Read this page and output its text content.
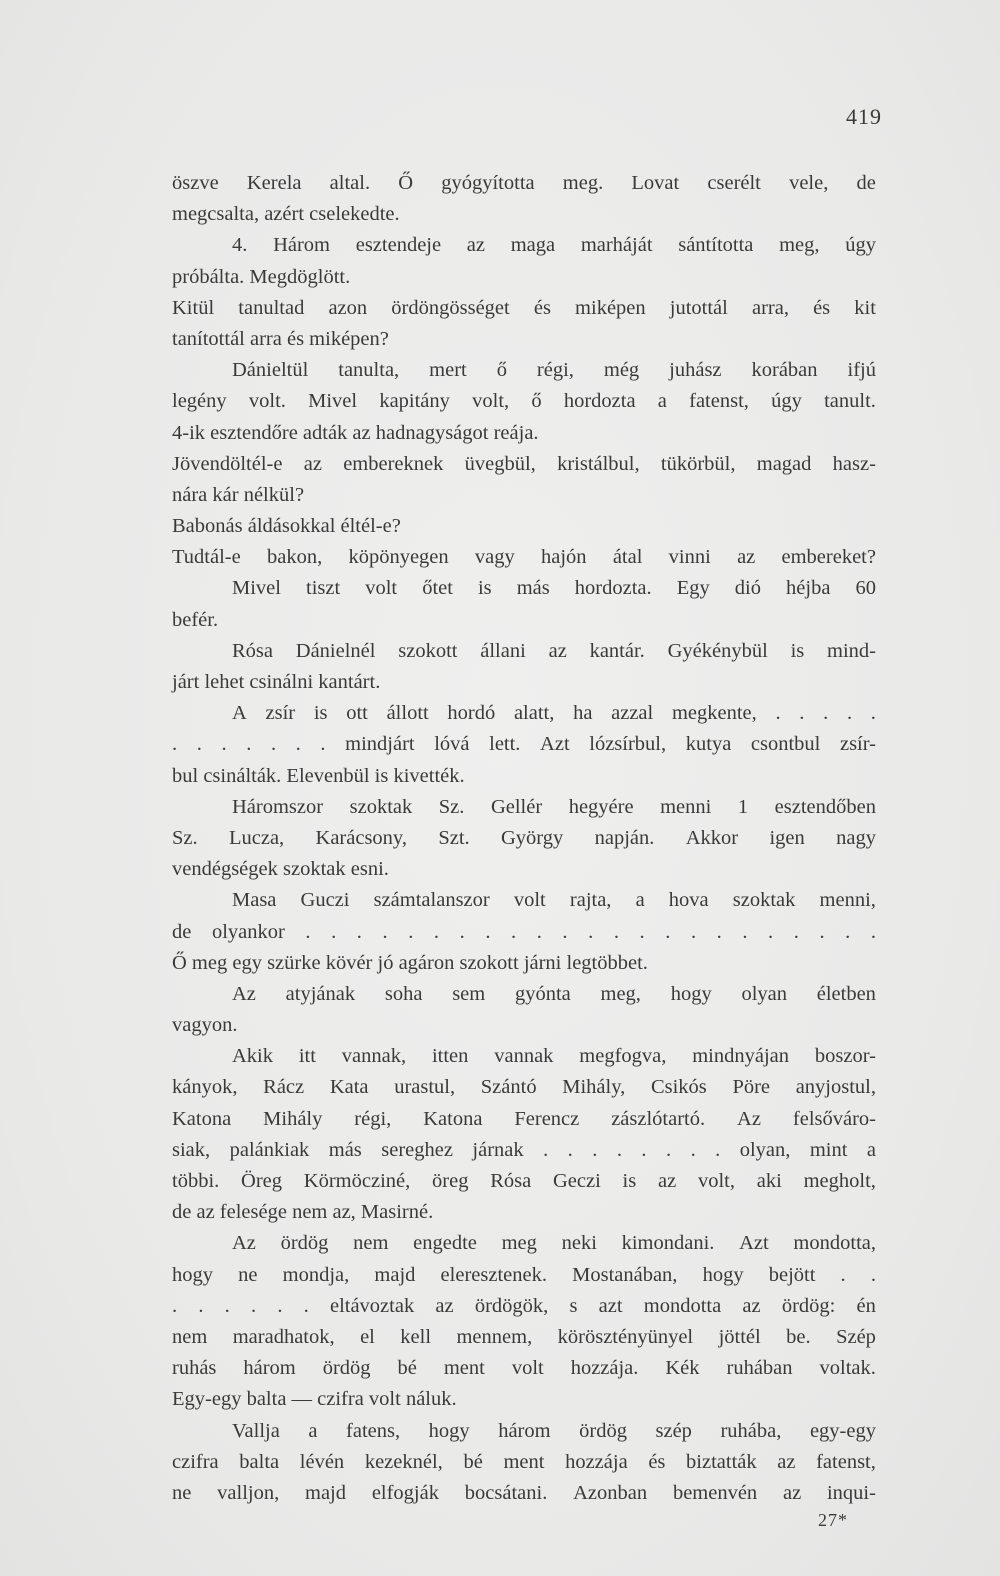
419
öszve Kerela altal. Ő gyógyította meg. Lovat cserélt vele, de
megcsalta, azért cselekedte.
4. Három esztendeje az maga marháját sántította meg, úgy
próbálta. Megdöglött.
Kitül tanultad azon ördöngösséget és miképen jutottál arra, és kit
tanítottál arra és miképen?
Dánieltül tanulta, mert ő régi, még juhász korában ifjú
legény volt. Mivel kapitány volt, ő hordozta a fatenst, úgy tanult.
4-ik esztendőre adták az hadnagyságot reája.
Jövendöltél-e az embereknek üvegbül, kristálbul, tükörbül, magad hasz-
nára kár nélkül?
Babonás áldásokkal éltél-e?
Tudtál-e bakon, köpönyegen vagy hajón átal vinni az embereket?
Mivel tiszt volt őtet is más hordozta. Egy dió héjba 60
befér.
Rósa Dánielnél szokott állani az kantár. Gyékénybül is mind-
járt lehet csinálni kantárt.
A zsír is ott állott hordó alatt, ha azzal megkente, . . . . .
. . . . . . . mindjárt lóvá lett. Azt lózsírbul, kutya csontbul zsír-
bul csinálták. Elevenbül is kivették.
Háromszor szoktak Sz. Gellér hegyére menni 1 esztendőben
Sz. Lucza, Karácsony, Szt. György napján. Akkor igen nagy
vendégségek szoktak esni.
Masa Guczi számtalanszor volt rajta, a hova szoktak menni,
de olyankor . . . . . . . . . . . . . . . . . . . . . . .
Ő meg egy szürke kövér jó agáron szokott járni legtöbbet.
Az atyjának soha sem gyónta meg, hogy olyan életben
vagyon.
Akik itt vannak, itten vannak megfogva, mindnyájan boszor-
kányok, Rácz Kata urastul, Szántó Mihály, Csikós Pöre anyjostul,
Katona Mihály régi, Katona Ferencz zászlótartó. Az felsőváro-
siak, palánkiak más sereghez járnak . . . . . . . . olyan, mint a
többi. Öreg Körmöcziné, öreg Rósa Geczi is az volt, aki megholt,
de az felesége nem az, Masirné.
Az ördög nem engedte meg neki kimondani. Azt mondotta,
hogy ne mondja, majd eleresztenek. Mostanában, hogy bejött . .
. . . . . . eltávoztak az ördögök, s azt mondotta az ördög: én
nem maradhatok, el kell mennem, körösztényünyel jöttél be. Szép
ruhás három ördög bé ment volt hozzája. Kék ruhában voltak.
Egy-egy balta — czifra volt náluk.
Vallja a fatens, hogy három ördög szép ruhába, egy-egy
czifra balta lévén kezeknél, bé ment hozzája és biztatták az fatenst,
ne valljon, majd elfogják bocsátani. Azonban bemenvén az inqui-
27*
